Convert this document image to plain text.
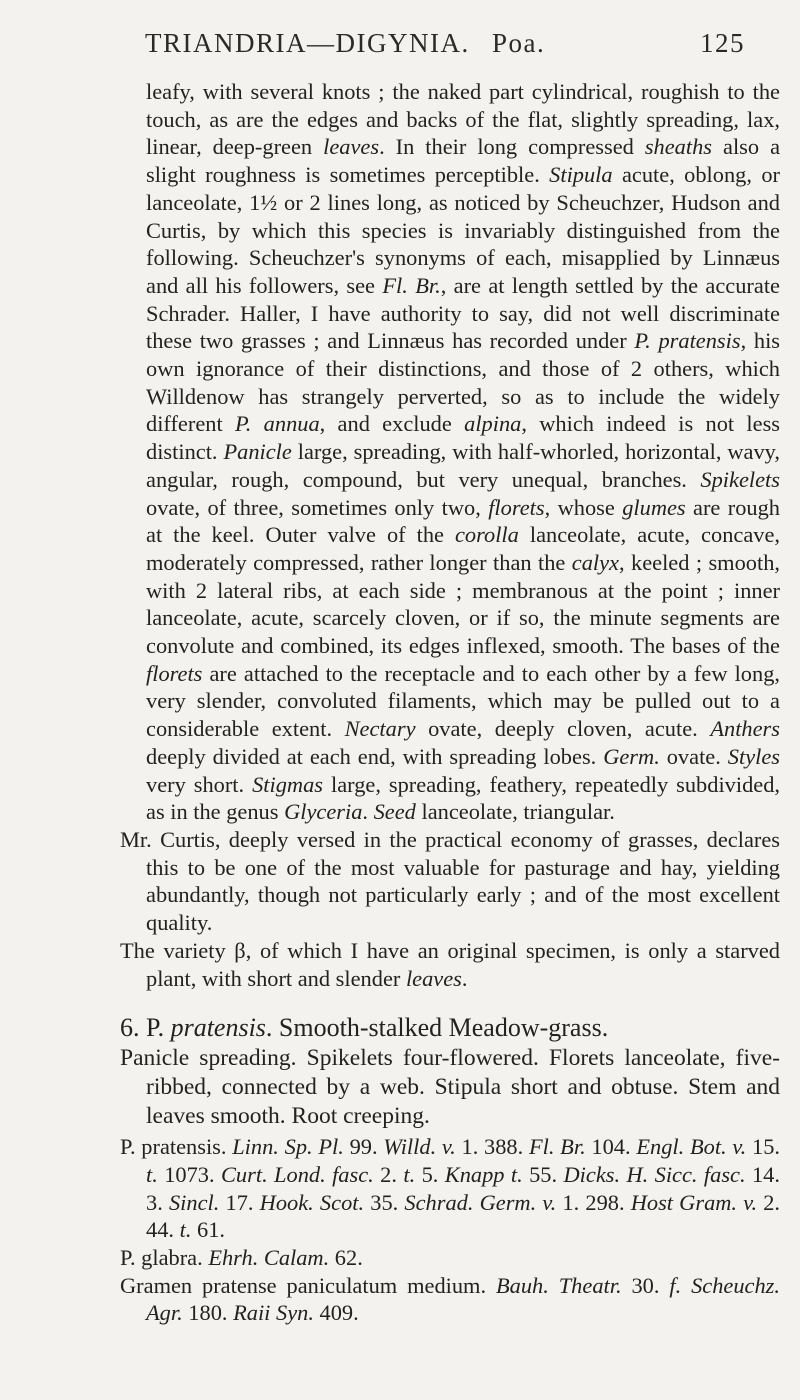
TRIANDRIA—DIGYNIA. Poa.	125

leafy, with several knots ; the naked part cylindrical, roughish to the touch, as are the edges and backs of the flat, slightly spreading, lax, linear, deep-green leaves. In their long compressed sheaths also a slight roughness is sometimes perceptible. Stipula acute, oblong, or lanceolate, 1½ or 2 lines long, as noticed by Scheuchzer, Hudson and Curtis, by which this species is invariably distinguished from the following. Scheuchzer's synonyms of each, misapplied by Linnæus and all his followers, see Fl. Br., are at length settled by the accurate Schrader. Haller, I have authority to say, did not well discriminate these two grasses ; and Linnæus has recorded under P. pratensis, his own ignorance of their distinctions, and those of 2 others, which Willdenow has strangely perverted, so as to include the widely different P. annua, and exclude alpina, which indeed is not less distinct. Panicle large, spreading, with half-whorled, horizontal, wavy, angular, rough, compound, but very unequal, branches. Spikelets ovate, of three, sometimes only two, florets, whose glumes are rough at the keel. Outer valve of the corolla lanceolate, acute, concave, moderately compressed, rather longer than the calyx, keeled ; smooth, with 2 lateral ribs, at each side ; membranous at the point ; inner lanceolate, acute, scarcely cloven, or if so, the minute segments are convolute and combined, its edges inflexed, smooth. The bases of the florets are attached to the receptacle and to each other by a few long, very slender, convoluted filaments, which may be pulled out to a considerable extent. Nectary ovate, deeply cloven, acute. Anthers deeply divided at each end, with spreading lobes. Germ. ovate. Styles very short. Stigmas large, spreading, feathery, repeatedly subdivided, as in the genus Glyceria. Seed lanceolate, triangular.

Mr. Curtis, deeply versed in the practical economy of grasses, declares this to be one of the most valuable for pasturage and hay, yielding abundantly, though not particularly early ; and of the most excellent quality.

The variety β, of which I have an original specimen, is only a starved plant, with short and slender leaves.

6. P. pratensis. Smooth-stalked Meadow-grass.

Panicle spreading. Spikelets four-flowered. Florets lanceolate, five-ribbed, connected by a web. Stipula short and obtuse. Stem and leaves smooth. Root creeping.

P. pratensis. Linn. Sp. Pl. 99. Willd. v. 1. 388. Fl. Br. 104. Engl. Bot. v. 15. t. 1073. Curt. Lond. fasc. 2. t. 5. Knapp t. 55. Dicks. H. Sicc. fasc. 14. 3. Sincl. 17. Hook. Scot. 35. Schrad. Germ. v. 1. 298. Host Gram. v. 2. 44. t. 61.

P. glabra. Ehrh. Calam. 62.

Gramen pratense paniculatum medium. Bauh. Theatr. 30. f. Scheuchz. Agr. 180. Raii Syn. 409.
